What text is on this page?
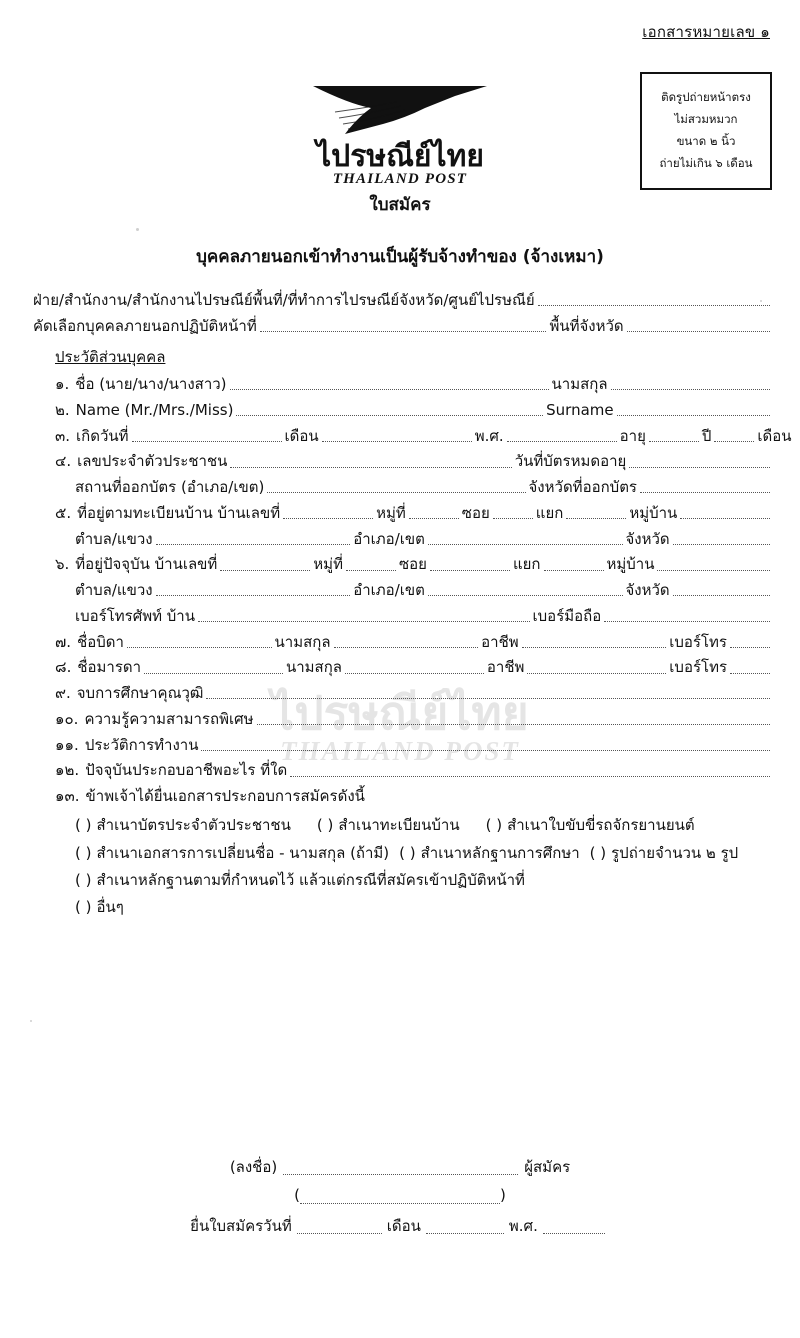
เอกสารหมายเลข ๑
ติดรูปถ่ายหน้าตรง
ไม่สวมหมวก
ขนาด ๒ นิ้ว
ถ่ายไม่เกิน ๖ เดือน
ไปรษณีย์ไทย
THAILAND POST
ใบสมัคร
บุคคลภายนอกเข้าทำงานเป็นผู้รับจ้างทำของ (จ้างเหมา)
ไปรษณีย์ไทย
THAILAND POST
ฝ่าย/สำนักงาน/สำนักงานไปรษณีย์พื้นที่/ที่ทำการไปรษณีย์จังหวัด/ศูนย์ไปรษณีย์
คัดเลือกบุคคลภายนอกปฏิบัติหน้าที่	พื้นที่จังหวัด
ประวัติส่วนบุคคล
๑. ชื่อ (นาย/นาง/นางสาว)	นามสกุล
๒. Name (Mr./Mrs./Miss)	Surname
๓. เกิดวันที่	เดือน	พ.ศ.	อายุ	ปี	เดือน
๔. เลขประจำตัวประชาชน	วันที่บัตรหมดอายุ
สถานที่ออกบัตร (อำเภอ/เขต)	จังหวัดที่ออกบัตร
๕. ที่อยู่ตามทะเบียนบ้าน บ้านเลขที่	หมู่ที่	ซอย	แยก	หมู่บ้าน
ตำบล/แขวง	อำเภอ/เขต	จังหวัด
๖. ที่อยู่ปัจจุบัน บ้านเลขที่	หมู่ที่	ซอย	แยก	หมู่บ้าน
ตำบล/แขวง	อำเภอ/เขต	จังหวัด
เบอร์โทรศัพท์ บ้าน	เบอร์มือถือ
๗. ชื่อบิดา	นามสกุล	อาชีพ	เบอร์โทร
๘. ชื่อมารดา	นามสกุล	อาชีพ	เบอร์โทร
๙. จบการศึกษาคุณวุฒิ
๑๐. ความรู้ความสามารถพิเศษ
๑๑. ประวัติการทำงาน
๑๒. ปัจจุบันประกอบอาชีพอะไร ที่ใด
๑๓. ข้าพเจ้าได้ยื่นเอกสารประกอบการสมัครดังนี้
( ) สำเนาบัตรประจำตัวประชาชน ( ) สำเนาทะเบียนบ้าน ( ) สำเนาใบขับขี่รถจักรยานยนต์
( ) สำเนาเอกสารการเปลี่ยนชื่อ - นามสกุล (ถ้ามี) ( ) สำเนาหลักฐานการศึกษา ( ) รูปถ่ายจำนวน ๒ รูป
( ) สำเนาหลักฐานตามที่กำหนดไว้ แล้วแต่กรณีที่สมัครเข้าปฏิบัติหน้าที่
( ) อื่นๆ
(ลงชื่อ)	ผู้สมัคร
(
	)
ยื่นใบสมัครวันที่	เดือน	พ.ศ.
